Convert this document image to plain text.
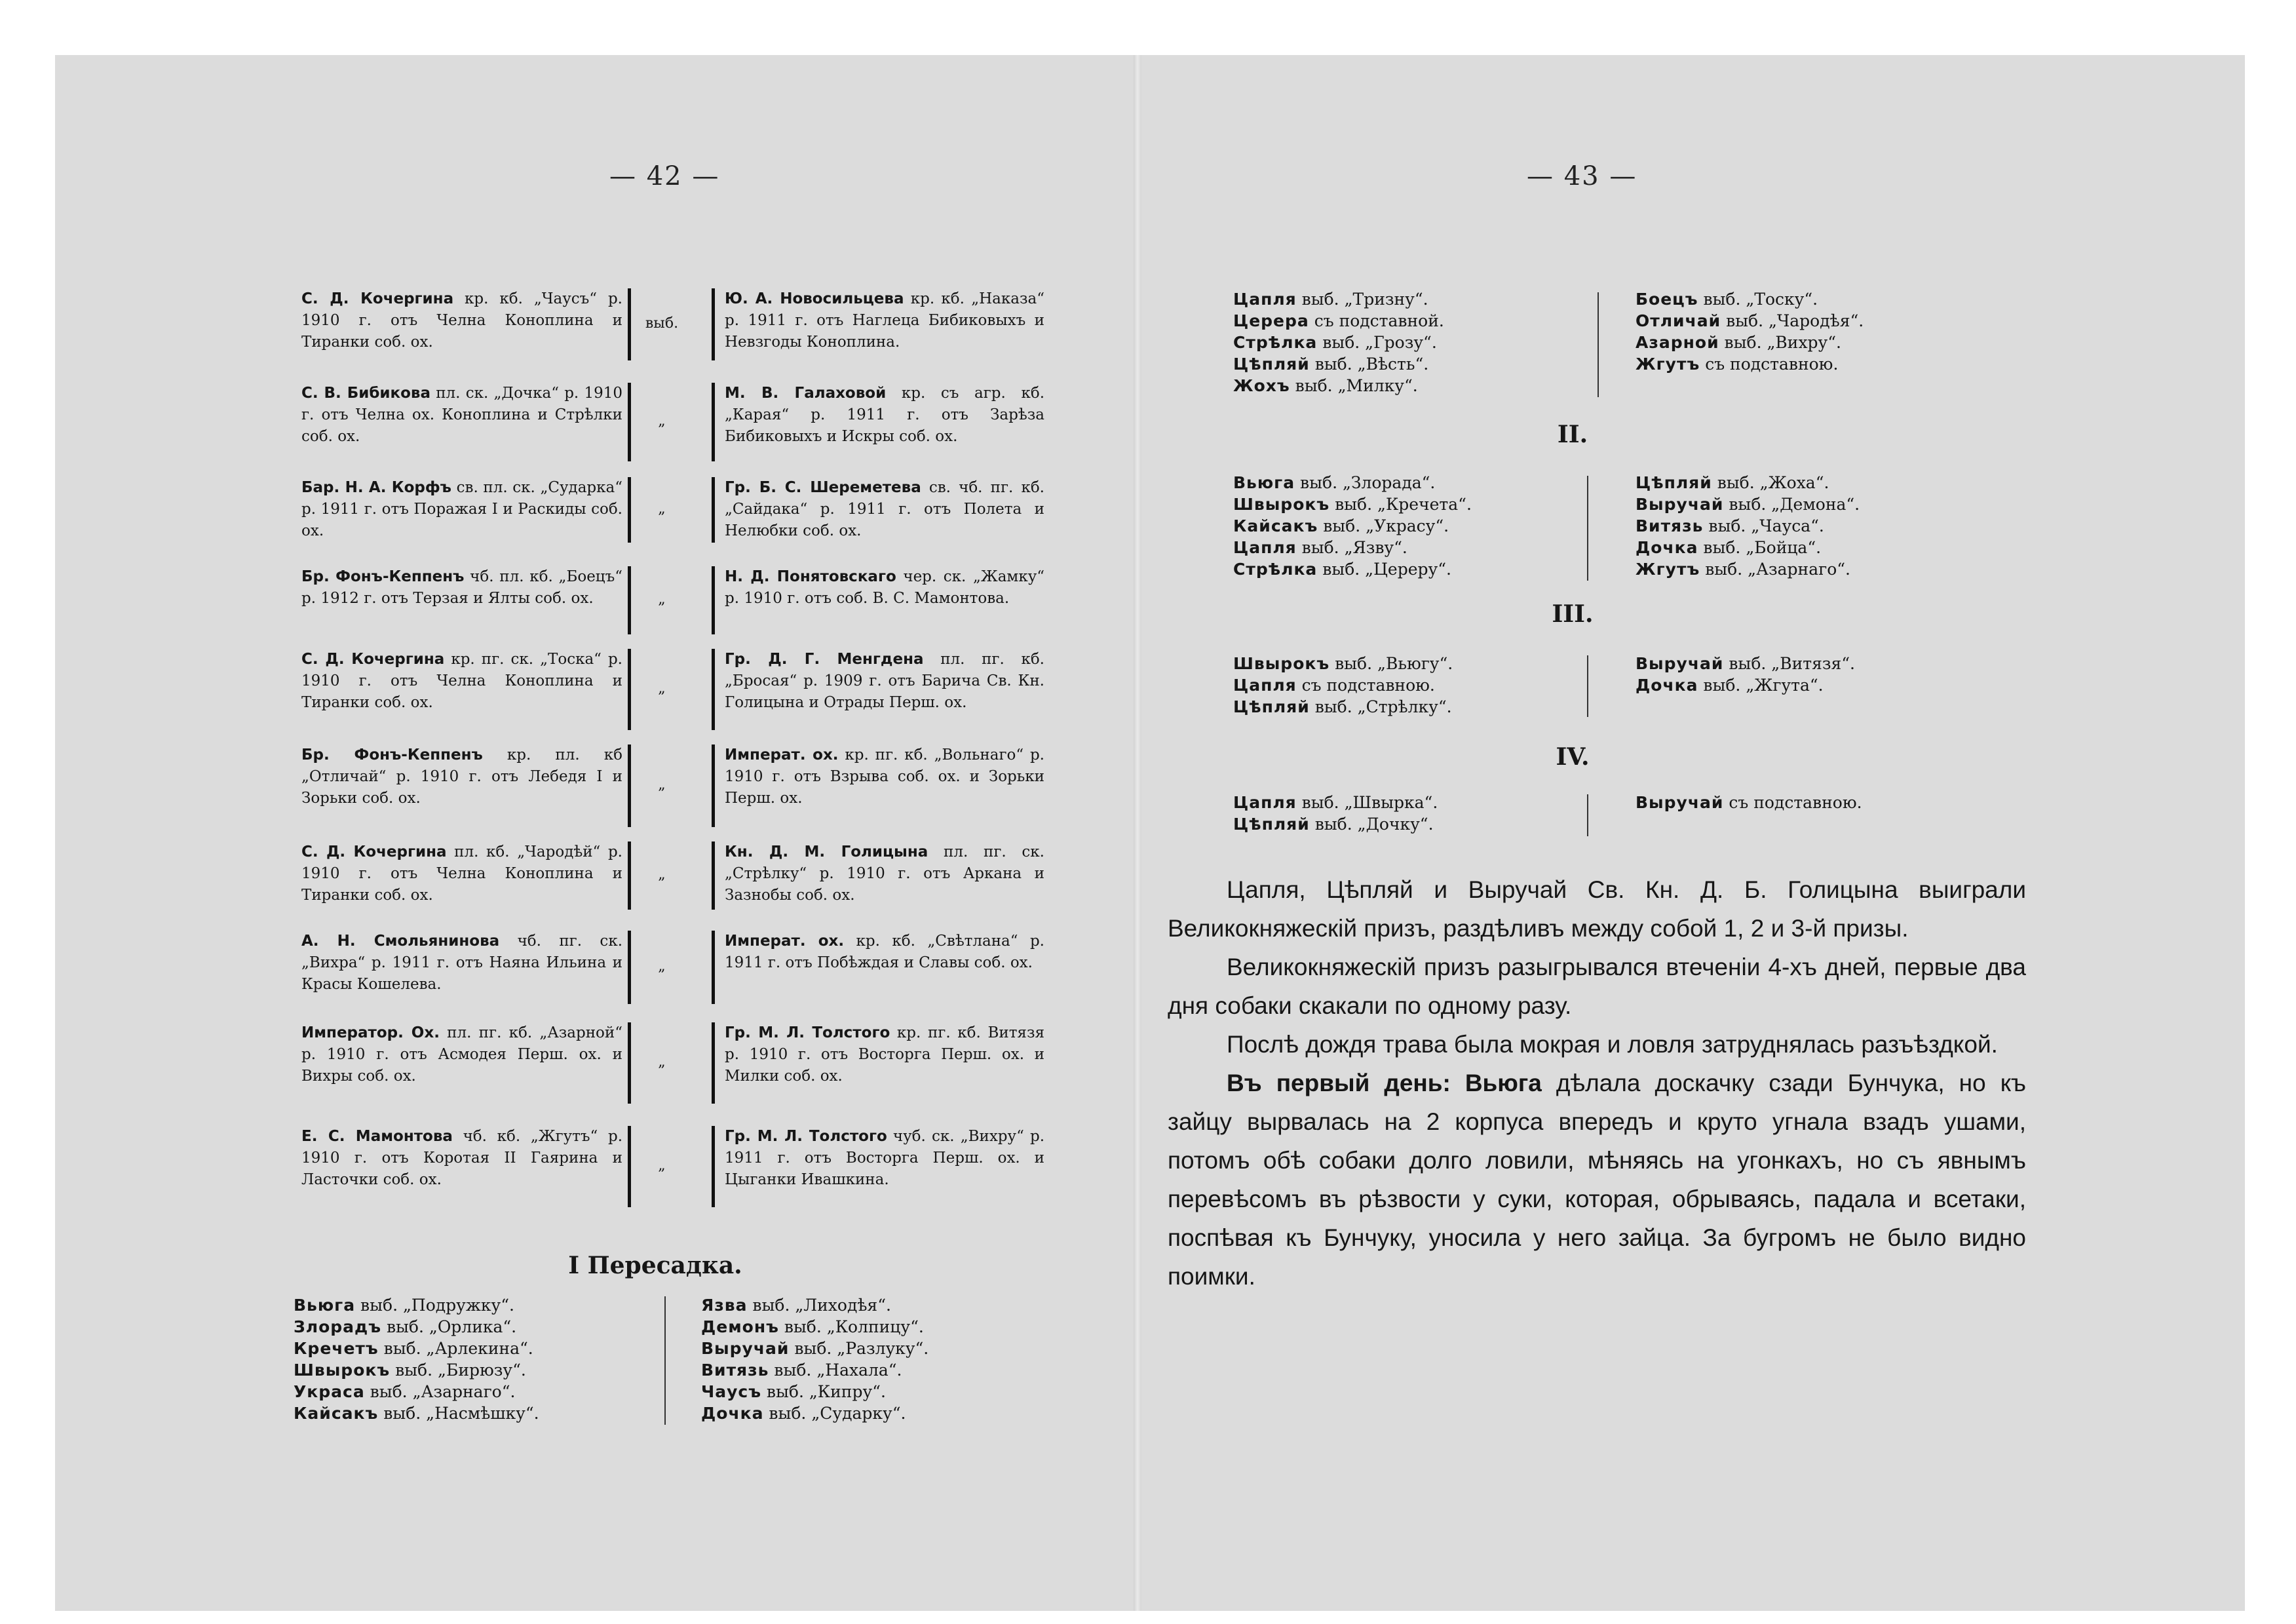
— 42 —
С. Д. Кочергина кр. кб. „Чаусъ“ р. 1910 г. отъ Челна Коноплина и Тиранки соб. ох.
выб.
Ю. А. Новосильцева кр. кб. „Наказа“ р. 1911 г. отъ Наглеца Бибиковыхъ и Невзгоды Коноплина.
С. В. Бибикова пл. ск. „Дочка“ р. 1910 г. отъ Челна ох. Коноплина и Стрѣлки соб. ох.
„
М. В. Галаховой кр. съ агр. кб. „Карая“ р. 1911 г. отъ Зарѣза Бибиковыхъ и Искры соб. ох.
Бар. Н. А. Корфъ св. пл. ск. „Сударка“ р. 1911 г. отъ Поражая I и Раскиды соб. ох.
„
Гр. Б. С. Шереметева св. чб. пг. кб. „Сайдака“ р. 1911 г. отъ Полета и Нелюбки соб. ох.
Бр. Фонъ-Кеппенъ чб. пл. кб. „Боецъ“ р. 1912 г. отъ Терзая и Ялты соб. ох.	„
Н. Д. Понятовскаго чер. ск. „Жамку“ р. 1910 г. отъ соб. В. С. Мамонтова.
С. Д. Кочергина кр. пг. ск. „Тоска“ р. 1910 г. отъ Челна Коноплина и Тиранки соб. ох.
„
Гр. Д. Г. Менгдена пл. пг. кб. „Бросая“ р. 1909 г. отъ Барича Св. Кн. Голицына и Отрады Перш. ох.
Бр. Фонъ-Кеппенъ кр. пл. кб „Отличай“ р. 1910 г. отъ Лебедя I и Зорьки соб. ох.
„
Императ. ох. кр. пг. кб. „Вольнаго“ р. 1910 г. отъ Взрыва соб. ох. и Зорьки Перш. ох.
С. Д. Кочергина пл. кб. „Чародѣй“ р. 1910 г. отъ Челна Коноплина и Тиранки соб. ох.
„
Кн. Д. М. Голицына пл. пг. ск. „Стрѣлку“ р. 1910 г. отъ Аркана и Зазнобы соб. ох.
А. Н. Смольянинова чб. пг. ск. „Вихра“ р. 1911 г. отъ Наяна Ильина и Красы Кошелева.
„
Императ. ох. кр. кб. „Свѣтлана“ р. 1911 г. отъ Побѣждая и Славы соб. ох.
Император. Ох. пл. пг. кб. „Азарной“ р. 1910 г. отъ Асмодея Перш. ох. и Вихры соб. ох.
„
Гр. М. Л. Толстого кр. пг. кб. Витязя р. 1910 г. отъ Восторга Перш. ох. и Милки соб. ох.
Е. С. Мамонтова чб. кб. „Жгутъ“ р. 1910 г. отъ Коротая II Гаярина и Ласточки соб. ох.
„
Гр. М. Л. Толстого чуб. ск. „Вихру“ р. 1911 г. отъ Восторга Перш. ох. и Цыганки Ивашкина.
I Пересадка.
Вьюга выб. „Подружку“.
Злорадъ выб. „Орлика“.
Кречетъ выб. „Арлекина“.
Швырокъ выб. „Бирюзу“.
Украса выб. „Азарнаго“.
Кайсакъ выб. „Насмѣшку“.
Язва выб. „Лиходѣя“.
Демонъ выб. „Колпицу“.
Выручай выб. „Разлуку“.
Витязь выб. „Нахала“.
Чаусъ выб. „Кипру“.
Дочка выб. „Сударку“.
— 43 —
Цапля выб. „Тризну“.
Церера съ подставной.
Стрѣлка выб. „Грозу“.
Цѣпляй выб. „Вѣсть“.
Жохъ выб. „Милку“.
Боецъ выб. „Тоску“.
Отличай выб. „Чародѣя“.
Азарной выб. „Вихру“.
Жгутъ съ подставною.
II.
Вьюга выб. „Злорада“.
Швырокъ выб. „Кречета“.
Кайсакъ выб. „Украсу“.
Цапля выб. „Язву“.
Стрѣлка выб. „Цереру“.
Цѣпляй выб. „Жоха“.
Выручай выб. „Демона“.
Витязь выб. „Чауса“.
Дочка выб. „Бойца“.
Жгутъ выб. „Азарнаго“.
III.
Швырокъ выб. „Вьюгу“.
Цапля съ подставною.
Цѣпляй выб. „Стрѣлку“.
Выручай выб. „Витязя“.
Дочка выб. „Жгута“.
IV.
Цапля выб. „Швырка“.
Цѣпляй выб. „Дочку“.
Выручай съ подставною.

Цапля, Цѣпляй и Выручай Св. Кн. Д. Б. Голицына выиграли Великокняжескій призъ, раздѣливъ между собой 1, 2 и 3-й призы.

Великокняжескій призъ разыгрывался втеченіи 4-хъ дней, первые два дня собаки скакали по одному разу.

Послѣ дождя трава была мокрая и ловля затруднялась разъѣздкой.

Въ первый день: Вьюга дѣлала доскачку сзади Бунчука, но къ зайцу вырвалась на 2 корпуса впередъ и круто угнала взадъ ушами, потомъ обѣ собаки долго ловили, мѣняясь на угонкахъ, но съ явнымъ перевѣсомъ въ рѣзвости у суки, которая, обрываясь, падала и всетаки, поспѣвая къ Бунчуку, уносила у него зайца. За бугромъ не было видно поимки.
